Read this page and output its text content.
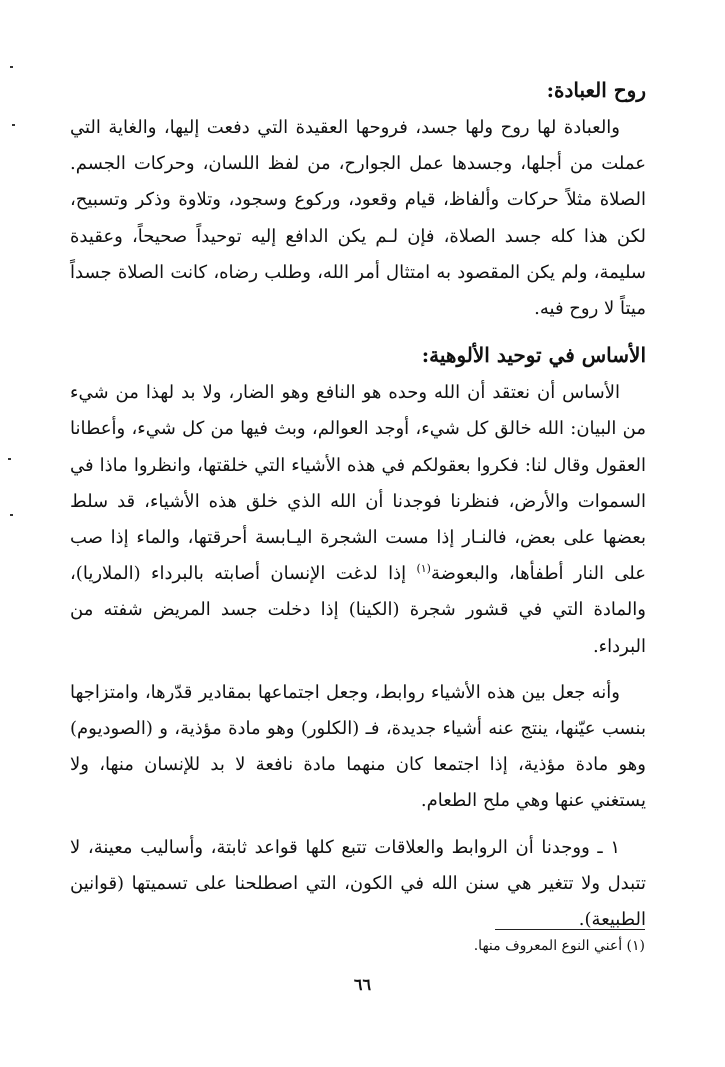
روح العبادة:

والعبادة لها روح ولها جسد، فروحها العقيدة التي دفعت إليها، والغاية التي عملت من أجلها، وجسدها عمل الجوارح، من لفظ اللسان، وحركات الجسم. الصلاة مثلاً حركات وألفاظ، قيام وقعود، وركوع وسجود، وتلاوة وذكر وتسبيح، لكن هذا كله جسد الصلاة، فإن لـم يكن الدافع إليه توحيداً صحيحاً، وعقيدة سليمة، ولم يكن المقصود به امتثال أمر الله، وطلب رضاه، كانت الصلاة جسداً ميتاً لا روح فيه.

الأساس في توحيد الألوهية:

الأساس أن نعتقد أن الله وحده هو النافع وهو الضار، ولا بد لهذا من شيء من البيان: الله خالق كل شيء، أوجد العوالم، وبث فيها من كل شيء، وأعطانا العقول وقال لنا: فكروا بعقولكم في هذه الأشياء التي خلقتها، وانظروا ماذا في السموات والأرض، فنظرنا فوجدنا أن الله الذي خلق هذه الأشياء، قد سلط بعضها على بعض، فالنـار إذا مست الشجرة اليـابسة أحرقتها، والماء إذا صب على النار أطفأها، والبعوضة$^{(١)}$ إذا لدغت الإنسان أصابته بالبرداء (الملاريا)، والمادة التي في قشور شجرة (الكينا) إذا دخلت جسد المريض شفته من البرداء.

وأنه جعل بين هذه الأشياء روابط، وجعل اجتماعها بمقادير قدّرها، وامتزاجها بنسب عيّنها، ينتج عنه أشياء جديدة، فـ (الكلور) وهو مادة مؤذية، و (الصوديوم) وهو مادة مؤذية، إذا اجتمعا كان منهما مادة نافعة لا بد للإنسان منها، ولا يستغني عنها وهي ملح الطعام.

١ ـ ووجدنا أن الروابط والعلاقات تتبع كلها قواعد ثابتة، وأساليب معينة، لا تتبدل ولا تتغير هي سنن الله في الكون، التي اصطلحنا على تسميتها (قوانين الطبيعة).

(١) أعني النوع المعروف منها.
٦٦
